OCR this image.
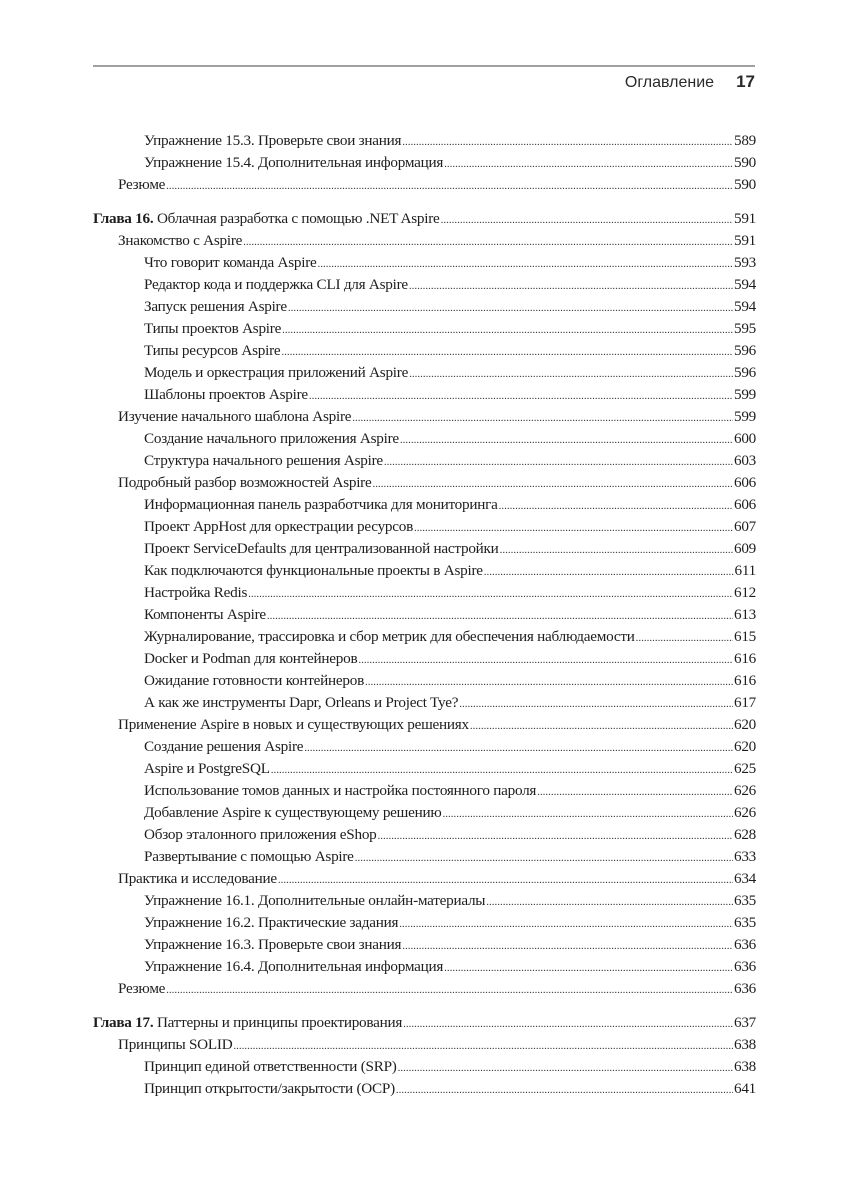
Оглавление 17
Упражнение 15.3. Проверьте свои знания .....	589
Упражнение 15.4. Дополнительная информация .....	590
Резюме .....	590
Глава 16. Облачная разработка с помощью .NET Aspire .....	591
Знакомство с Aspire .....	591
Что говорит команда Aspire .....	593
Редактор кода и поддержка CLI для Aspire .....	594
Запуск решения Aspire .....	594
Типы проектов Aspire .....	595
Типы ресурсов Aspire .....	596
Модель и оркестрация приложений Aspire .....	596
Шаблоны проектов Aspire .....	599
Изучение начального шаблона Aspire .....	599
Создание начального приложения Aspire .....	600
Структура начального решения Aspire .....	603
Подробный разбор возможностей Aspire .....	606
Информационная панель разработчика для мониторинга .....	606
Проект AppHost для оркестрации ресурсов .....	607
Проект ServiceDefaults для централизованной настройки .....	609
Как подключаются функциональные проекты в Aspire .....	611
Настройка Redis .....	612
Компоненты Aspire .....	613
Журналирование, трассировка и сбор метрик для обеспечения наблюдаемости .....	615
Docker и Podman для контейнеров .....	616
Ожидание готовности контейнеров .....	616
А как же инструменты Dapr, Orleans и Project Tye? .....	617
Применение Aspire в новых и существующих решениях .....	620
Создание решения Aspire .....	620
Aspire и PostgreSQL .....	625
Использование томов данных и настройка постоянного пароля .....	626
Добавление Aspire к существующему решению .....	626
Обзор эталонного приложения eShop .....	628
Развертывание с помощью Aspire .....	633
Практика и исследование .....	634
Упражнение 16.1. Дополнительные онлайн-материалы .....	635
Упражнение 16.2. Практические задания .....	635
Упражнение 16.3. Проверьте свои знания .....	636
Упражнение 16.4. Дополнительная информация .....	636
Резюме .....	636
Глава 17. Паттерны и принципы проектирования .....	637
Принципы SOLID .....	638
Принцип единой ответственности (SRP) .....	638
Принцип открытости/закрытости (OCP) .....	641
